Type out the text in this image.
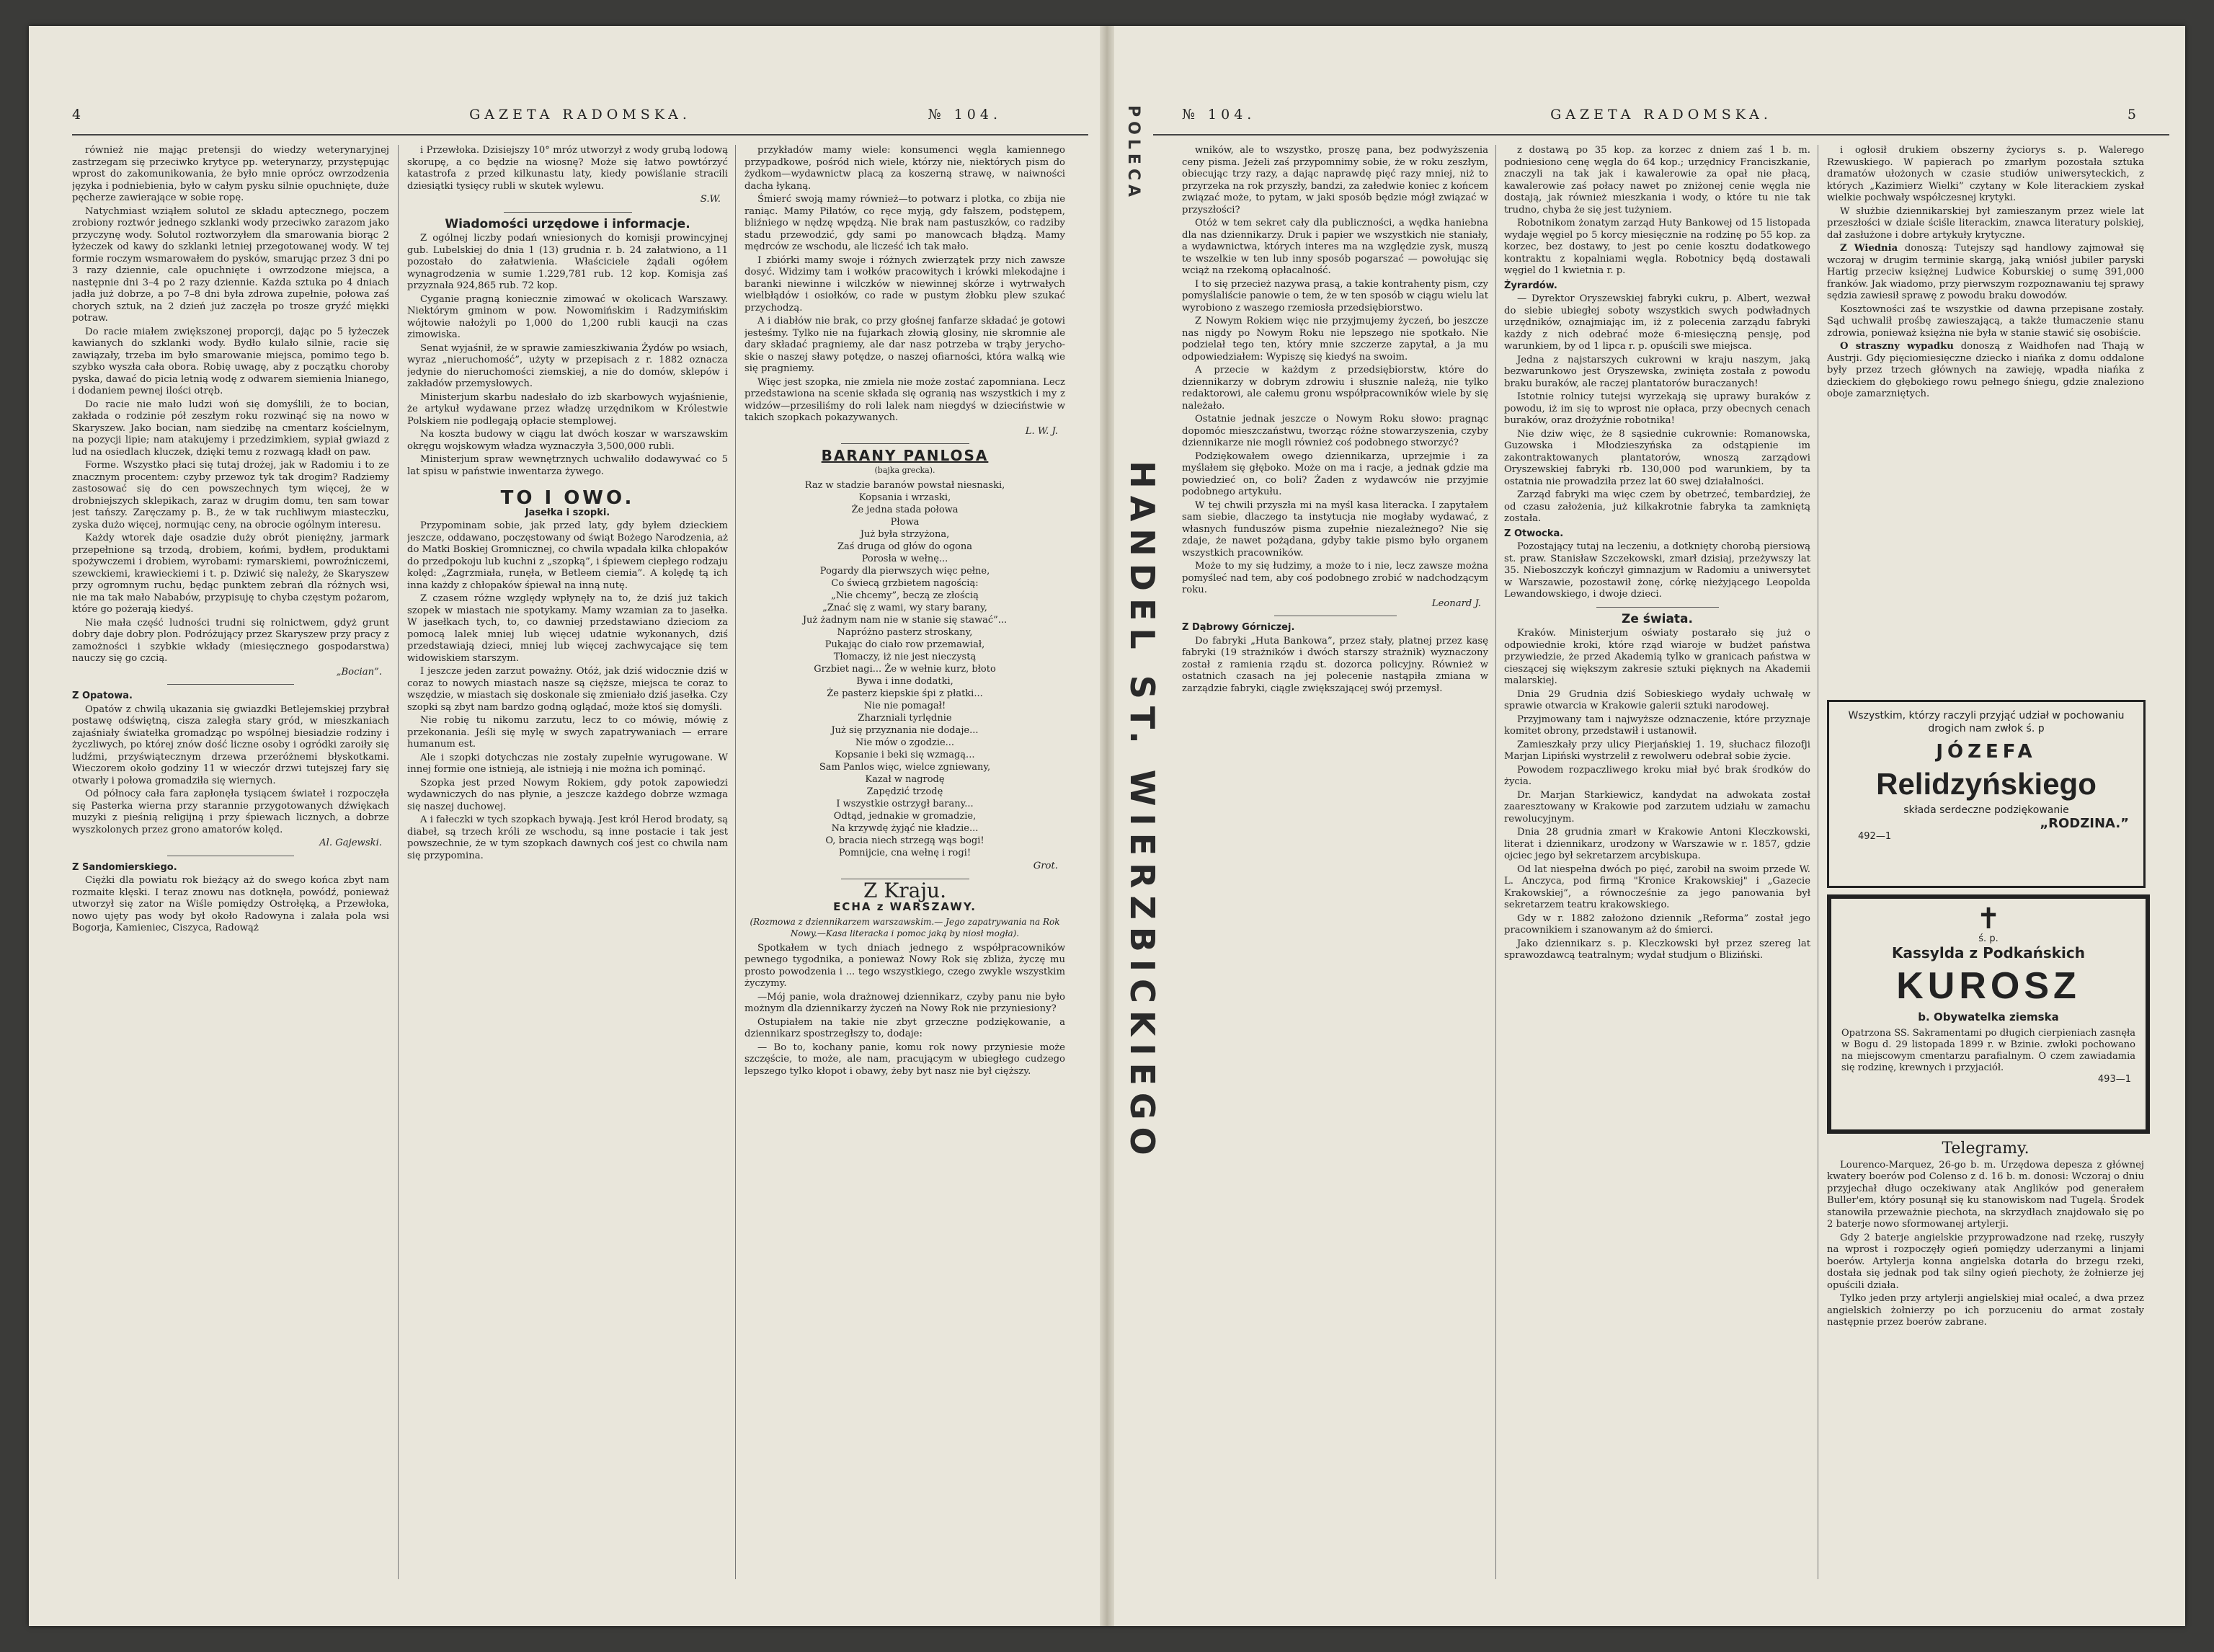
4	GAZETA RADOMSKA.	№ 104.

również nie mając pretensji do wiedzy weterynaryjnej zastrzegam się przeciwko krytyce pp. weterynarzy, przystępując wprost do zakomunikowania, że było mnie oprócz owrzodzenia języka i podniebienia, było w całym pysku silnie opuchnięte, duże pęcherze zawierające w sobie ropę.

Natychmiast wziąłem solutol ze składu aptecznego, poczem zrobiony roztwór jednego szklanki wody przeciwko zarazom jako przyczynę wody. Solutol roztworzyłem dla smarowania biorąc 2 łyżeczek od kawy do szklanki letniej przegotowanej wody. W tej formie roczym wsmarowałem do pysków, smarując przez 3 dni po 3 razy dziennie, cale opuchnięte i owrzodzone miejsca, a następnie dni 3–4 po 2 razy dziennie. Każda sztuka po 4 dniach jadła już dobrze, a po 7–8 dni była zdrowa zupełnie, połowa zaś chorych sztuk, na 2 dzień już zaczęła po trosze gryźć miękki potraw.

Do racie miałem zwiększonej proporcji, dając po 5 łyżeczek kawianych do szklanki wody. Bydło kulało silnie, racie się zawiązały, trzeba im było smarowanie miejsca, pomimo tego b. szybko wyszła cała obora. Robię uwagę, aby z początku choroby pyska, dawać do picia letnią wodę z odwarem siemienia lnianego, i dodaniem pewnej ilości otręb.

Do racie nie mało ludzi woń się domyślili, że to bocian, zakłada o rodzinie pół zeszłym roku rozwinąć się na nowo w Skaryszew. Jako bocian, nam siedzibę na cmentarz kościelnym, na pozycji lipie; nam atakujemy i przedzimkiem, sypiał gwiazd z lud na osiedlach kluczek, dzięki temu z rozwagą kładł on paw.

Forme. Wszystko płaci się tutaj drożej, jak w Radomiu i to ze znacznym procentem: czyby przewoz tyk tak drogim? Radziemy zastosować się do cen powszechnych tym więcej, że w drobniejszych sklepikach, zaraz w drugim domu, ten sam towar jest tańszy. Zaręczamy p. B., że w tak ruchliwym miasteczku, zyska dużo więcej, normując ceny, na obrocie ogólnym interesu.

Każdy wtorek daje osadzie duży obrót pieniężny, jarmark przepełnione są trzodą, drobiem, końmi, bydłem, produktami spożywczemi i drobiem, wyrobami: rymarskiemi, powroźniczemi, szewckiemi, krawieckiemi i t. p. Dziwić się należy, że Skaryszew przy ogromnym ruchu, będąc punktem zebrań dla różnych wsi, nie ma tak mało Nababów, przypisuję to chyba częstym pożarom, które go pożerają kiedyś.

Nie mała część ludności trudni się rolnictwem, gdyż grunt dobry daje dobry plon. Podróżujący przez Skaryszew przy pracy z zamożności i szybkie wkłady (miesięcznego gospodarstwa) nauczy się go czcią.

„Bocian”.
Z Opatowa.

Opatów z chwilą ukazania się gwiazdki Betlejemskiej przybrał postawę odświętną, cisza zaległa stary gród, w mieszkaniach zajaśniały światełka gromadząc po wspólnej biesiadzie rodziny i życzliwych, po której znów dość liczne osoby i ogródki zaroiły się ludźmi, przyświątecznym drzewa przeróżnemi błyskotkami. Wieczorem około godziny 11 w wieczór drzwi tutejszej fary się otwarły i połowa gromadziła się wiernych.

Od północy cała fara zapłonęła tysiącem świateł i rozpoczęła się Pasterka wierna przy starannie przygotowanych dźwiękach muzyki z pieśnią religijną i przy śpiewach licznych, a dobrze wyszkolonych przez grono amatorów kolęd.

Al. Gajewski.
Z Sandomierskiego.

Ciężki dla powiatu rok bieżący aż do swego końca zbyt nam rozmaite klęski. I teraz znowu nas dotknęła, powódź, ponieważ utworzył się zator na Wiśle pomiędzy Ostrołęką, a Przewłoka, nowo ujęty pas wody był około Radowyna i zalała pola wsi Bogorja, Kamieniec, Ciszyca, Radowąż

i Przewłoka. Dzisiejszy 10° mróz utworzył z wody grubą lodową skorupę, a co będzie na wiosnę? Może się łatwo powtórzyć katastrofa z przed kilkunastu laty, kiedy powiślanie stracili dziesiątki tysięcy rubli w skutek wylewu.

S.W.
Wiadomości urzędowe i informacje.

Z ogólnej liczby podań wniesionych do komisji prowincyjnej gub. Lubelskiej do dnia 1 (13) grudnia r. b. 24 załatwiono, a 11 pozostało do załatwienia. Właściciele żądali ogółem wynagrodzenia w sumie 1.229,781 rub. 12 kop. Komisja zaś przyznała 924,865 rub. 72 kop.

Cyganie pragną koniecznie zimować w okolicach Warszawy. Niektórym gminom w pow. Nowomińskim i Radzymińskim wójtowie nałożyli po 1,000 do 1,200 rubli kaucji na czas zimowiska.

Senat wyjaśnił, że w sprawie zamieszkiwania Żydów po wsiach, wyraz „nieruchomość”, użyty w przepisach z r. 1882 oznacza jedynie do nieruchomości ziemskiej, a nie do domów, sklepów i zakładów przemysłowych.

Ministerjum skarbu nadesłało do izb skarbowych wyjaśnienie, że artykuł wydawane przez władzę urzędnikom w Królestwie Polskiem nie podlegają opłacie stemplowej.

Na koszta budowy w ciągu lat dwóch koszar w warszawskim okręgu wojskowym władza wyznaczyła 3,500,000 rubli.

Ministerjum spraw wewnętrznych uchwaliło dodawywać co 5 lat spisu w państwie inwentarza żywego.

TO I OWO.
Jasełka i szopki.

Przypominam sobie, jak przed laty, gdy byłem dzieckiem jeszcze, oddawano, poczęstowany od świąt Bożego Narodzenia, aż do Matki Boskiej Gromnicznej, co chwila wpadała kilka chłopaków do przedpokoju lub kuchni z „szopką”, i śpiewem ciepłego rodzaju kolęd: „Zagrzmiała, runęła, w Betleem ciemia”. A kolędę tą ich inna każdy z chłopaków śpiewał na inną nutę.

Z czasem różne względy wpłynęły na to, że dziś już takich szopek w miastach nie spotykamy. Mamy wzamian za to jasełka. W jasełkach tych, to, co dawniej przedstawiano dzieciom za pomocą lalek mniej lub więcej udatnie wykonanych, dziś przedstawiają dzieci, mniej lub więcej zachwycające się tem widowiskiem starszym.

I jeszcze jeden zarzut poważny. Otóż, jak dziś widocznie dziś w coraz to nowych miastach nasze są cięższe, miejsca te coraz to wszędzie, w miastach się doskonale się zmieniało dziś jasełka. Czy szopki są zbyt nam bardzo godną oglądać, może ktoś się domyśli.

Nie robię tu nikomu zarzutu, lecz to co mówię, mówię z przekonania. Jeśli się mylę w swych zapatrywaniach — errare humanum est.

Ale i szopki dotychczas nie zostały zupełnie wyrugowane. W innej formie one istnieją, ale istnieją i nie można ich pominąć.

Szopka jest przed Nowym Rokiem, gdy potok zapowiedzi wydawniczych do nas płynie, a jeszcze każdego dobrze wzmaga się naszej duchowej.

A i fałeczki w tych szopkach bywają. Jest król Herod brodaty, są diabeł, są trzech króli ze wschodu, są inne postacie i tak jest powszechnie, że w tym szopkach dawnych coś jest co chwila nam się przypomina.

przykładów mamy wiele: konsumenci węgla kamiennego przypadkowe, pośród nich wiele, którzy nie, niektórych pism do żydkom—wydawnictw placą za koszerną strawę, w naiwności dacha łykaną.

Śmierć swoją mamy również—to potwarz i plotka, co zbija nie raniąc. Mamy Piłatów, co ręce myją, gdy fałszem, podstępem, bliźniego w nędzę wpędzą. Nie brak nam pastuszków, co radziby stadu przewodzić, gdy sami po manowcach błądzą. Mamy mędrców ze wschodu, ale licześć ich tak mało.

I zbiórki mamy swoje i różnych zwierzątek przy nich zawsze dosyć. Widzimy tam i wołków pracowitych i krówki mlekodajne i baranki niewinne i wilczków w niewinnej skórze i wytrwałych wielbłądów i osiołków, co rade w pustym żłobku plew szukać przychodzą.

A i diabłów nie brak, co przy głośnej fanfarze składać je gotowi jesteśmy. Tylko nie na fujarkach złowią glosiny, nie skromnie ale dary składać pragniemy, ale dar nasz potrzeba w trąby jerycho-skie o naszej sławy potędze, o naszej ofiarności, która walką wie się pragniemy.

Więc jest szopka, nie zmiela nie może zostać zapomniana. Lecz przedstawiona na scenie składa się ogranią nas wszystkich i my z widzów—przesiliśmy do roli lalek nam niegdyś w dzieciństwie w takich szopkach pokazywanych.

L. W. J.
BARANY PANLOSA
(bajka grecka).

Raz w stadzie baranów powstał niesnaski,

Kopsania i wrzaski,

Że jedna stada połowa

Płowa

Już była strzyżona,

Zaś druga od głów do ogona

Porosła w wełnę...

Pogardy dla pierwszych więc pełne,

Co świecą grzbietem nagością:

„Nie chcemy”, beczą ze złością

„Znać się z wami, wy stary barany,

Już żadnym nam nie w stanie się stawać”...

Napróżno pasterz stroskany,

Pukając do ciało row przemawiał,

Tłomaczy, iż nie jest nieczystą

Grzbiet nagi... Że w wełnie kurz, błoto

Bywa i inne dodatki,

Że pasterz kiepskie śpi z płatki...

Nie nie pomagał!

Zharzniali tyrlędnie

Już się przyznania nie dodaje...

Nie mów o zgodzie...

Kopsanie i beki się wzmagą...

Sam Panlos więc, wielce zgniewany,

Kazał w nagrodę

Zapędzić trzodę

I wszystkie ostrzygł barany...

Odtąd, jednakie w gromadzie,

Na krzywdę żyjąć nie kładzie...

O, bracia niech strzegą wąs bogi!

Pomnijcie, cna wełnę i rogi!

Grot.
Z Kraju.
ECHA z WARSZAWY.
(Rozmowa z dziennikarzem warszawskim.— Jego zapatrywania na Rok Nowy.—Kasa literacka i pomoc jaką by niosł mogła).

Spotkałem w tych dniach jednego z współpracowników pewnego tygodnika, a ponieważ Nowy Rok się zbliża, życzę mu prosto powodzenia i ... tego wszystkiego, czego zwykle wszystkim życzymy.

—Mój panie, wola drażnowej dziennikarz, czyby panu nie było możnym dla dziennikarzy życzeń na Nowy Rok nie przyniesiony?

Ostupiałem na takie nie zbyt grzeczne podziękowanie, a dziennikarz spostrzegłszy to, dodaje:

— Bo to, kochany panie, komu rok nowy przyniesie może szczęście, to może, ale nam, pracującym w ubiegłego cudzego lepszego tylko kłopot i obawy, żeby byt nasz nie był cięższy.

№ 104.	GAZETA RADOMSKA.	5

wników, ale to wszystko, proszę pana, bez podwyższenia ceny pisma. Jeżeli zaś przypomnimy sobie, że w roku zeszłym, obiecując trzy razy, a dając naprawdę pięć razy mniej, niż to przyrzeka na rok przyszły, bandzi, za załedwie koniec z końcem związać może, to pytam, w jaki sposób będzie mógł związać w przyszłości?

Otóż w tem sekret cały dla publiczności, a wędka haniebna dla nas dziennikarzy. Druk i papier we wszystkich nie staniały, a wydawnictwa, których interes ma na względzie zysk, muszą te wszelkie w ten lub inny sposób pogarszać — powołując się wciąż na rzekomą opłacalność.

I to się przecież nazywa prasą, a takie kontrahenty pism, czy pomyślaliście panowie o tem, że w ten sposób w ciągu wielu lat wyrobiono z waszego rzemiosła przedsiębiorstwo.

Z Nowym Rokiem więc nie przyjmujemy życzeń, bo jeszcze nas nigdy po Nowym Roku nie lepszego nie spotkało. Nie podzielał tego ten, który mnie szczerze zapytał, a ja mu odpowiedziałem: Wypiszę się kiedyś na swoim.

A przecie w każdym z przedsiębiorstw, które do dziennikarzy w dobrym zdrowiu i słusznie należą, nie tylko redaktorowi, ale całemu gronu współpracowników wiele by się należało.

Ostatnie jednak jeszcze o Nowym Roku słowo: pragnąc dopomóc mieszczaństwu, tworząc różne stowarzyszenia, czyby dziennikarze nie mogli również coś podobnego stworzyć?

Podziękowałem owego dziennikarza, uprzejmie i za myślałem się głęboko. Może on ma i racje, a jednak gdzie ma powiedzieć on, co boli? Żaden z wydawców nie przyjmie podobnego artykułu.

W tej chwili przyszła mi na myśl kasa literacka. I zapytałem sam siebie, dlaczego ta instytucja nie mogłaby wydawać, z własnych funduszów pisma zupełnie niezależnego? Nie się zdaje, że nawet pożądana, gdyby takie pismo było organem wszystkich pracowników.

Może to my się łudzimy, a może to i nie, lecz zawsze można pomyśleć nad tem, aby coś podobnego zrobić w nadchodzącym roku.

Leonard J.
Z Dąbrowy Górniczej.

Do fabryki „Huta Bankowa”, przez stały, platnej przez kasę fabryki (19 strażników i dwóch starszy strażnik) wyznaczony został z ramienia rządu st. dozorca policyjny. Również w ostatnich czasach na jej polecenie nastąpiła zmiana w zarządzie fabryki, ciągle zwiększającej swój przemysł.

z dostawą po 35 kop. za korzec z dniem zaś 1 b. m. podniesiono cenę węgla do 64 kop.; urzędnicy Franciszkanie, znaczyli na tak jak i kawalerowie za opał nie płacą, kawalerowie zaś połacy nawet po zniżonej cenie węgla nie dostają, jak również mieszkania i wody, o które tu nie tak trudno, chyba że się jest tużyniem.

Robotnikom żonatym zarząd Huty Bankowej od 15 listopada wydaje węgiel po 5 korcy miesięcznie na rodzinę po 55 kop. za korzec, bez dostawy, to jest po cenie kosztu dodatkowego kontraktu z kopalniami węgla. Robotnicy będą dostawali węgiel do 1 kwietnia r. p.

Żyrardów.

— Dyrektor Oryszewskiej fabryki cukru, p. Albert, wezwał do siebie ubiegłej soboty wszystkich swych podwładnych urzędników, oznajmiając im, iż z polecenia zarządu fabryki każdy z nich odebrać może 6-miesięczną pensję, pod warunkiem, by od 1 lipca r. p. opuścili swe miejsca.

Jedna z najstarszych cukrowni w kraju naszym, jaką bezwarunkowo jest Oryszewska, zwinięta została z powodu braku buraków, ale raczej plantatorów buraczanych!

Istotnie rolnicy tutejsi wyrzekają się uprawy buraków z powodu, iż im się to wprost nie opłaca, przy obecnych cenach buraków, oraz drożyźnie robotnika!

Nie dziw więc, że 8 sąsiednie cukrownie: Romanowska, Guzowska i Młodzieszyńska za odstąpienie im zakontraktowanych plantatorów, wnoszą zarządowi Oryszewskiej fabryki rb. 130,000 pod warunkiem, by ta ostatnia nie prowadziła przez lat 60 swej działalności.

Zarząd fabryki ma więc czem by obetrzeć, tembardziej, że od czasu założenia, już kilkakrotnie fabryka ta zamkniętą została.

Z Otwocka.

Pozostający tutaj na leczeniu, a dotknięty chorobą piersiową st. praw. Stanisław Szczekowski, zmarł dzisiaj, przeżywszy lat 35. Nieboszczyk kończył gimnazjum w Radomiu a uniwersytet w Warszawie, pozostawił żonę, córkę nieżyjącego Leopolda Lewandowskiego, i dwoje dzieci.

Ze świata.

Kraków. Ministerjum oświaty postarało się już o odpowiednie kroki, które rząd wiaroje w budżet państwa przywiedzie, że przed Akademią tylko w granicach państwa w cieszącej się większym zakresie sztuki pięknych na Akademii malarskiej.

Dnia 29 Grudnia dziś Sobieskiego wydały uchwałę w sprawie otwarcia w Krakowie galerii sztuki narodowej.

Przyjmowany tam i najwyższe odznaczenie, które przyznaje komitet obrony, przedstawił i ustanowił.

Zamieszkały przy ulicy Pierjańskiej 1. 19, słuchacz filozofji Marjan Lipiński wystrzelił z rewolweru odebrał sobie życie.

Powodem rozpaczliwego kroku miał być brak środków do życia.

Dr. Marjan Starkiewicz, kandydat na adwokata został zaaresztowany w Krakowie pod zarzutem udziału w zamachu rewolucyjnym.

Dnia 28 grudnia zmarł w Krakowie Antoni Kleczkowski, literat i dziennikarz, urodzony w Warszawie w r. 1857, gdzie ojciec jego był sekretarzem arcybiskupa.

Od lat niespełna dwóch po pięć, zarobił na swoim przede W. L. Anczyca, pod firmą "Kronice Krakowskiej" i „Gazecie Krakowskiej”, a równocześnie za jego panowania był sekretarzem teatru krakowskiego.

Gdy w r. 1882 założono dziennik „Reforma” został jego pracownikiem i szanowanym aż do śmierci.

Jako dziennikarz s. p. Kleczkowski był przez szereg lat sprawozdawcą teatralnym; wydał studjum o Bliziński.

i ogłosił drukiem obszerny życiorys s. p. Walerego Rzewuskiego. W papierach po zmarłym pozostała sztuka dramatów ułożonych w czasie studiów uniwersyteckich, z których „Kazimierz Wielki” czytany w Kole literackiem zyskał wielkie pochwały współczesnej krytyki.

W służbie dziennikarskiej był zamieszanym przez wiele lat przeszłości w dziale ściśle literackim, znawca literatury polskiej, dał zasłużone i dobre artykuły krytyczne.

Z Wiednia donoszą: Tutejszy sąd handlowy zajmował się wczoraj w drugim terminie skargą, jaką wniósł jubiler paryski Hartig przeciw księżnej Ludwice Koburskiej o sumę 391,000 franków. Jak wiadomo, przy pierwszym rozpoznawaniu tej sprawy sędzia zawiesił sprawę z powodu braku dowodów.

Kosztowności zaś te wszystkie od dawna przepisane zostały. Sąd uchwalił prośbę zawieszającą, a także tłumaczenie stanu zdrowia, ponieważ księżna nie była w stanie stawić się osobiście.

O straszny wypadku donoszą z Waidhofen nad Thają w Austrji. Gdy pięciomiesięczne dziecko i niańka z domu oddalone były przez trzech głównych na zawieję, wpadła niańka z dzieckiem do głębokiego rowu pełnego śniegu, gdzie znaleziono oboje zamarzniętych.

Wszystkim, którzy raczyli przyjąć udział w pochowaniu drogich nam zwłok ś. p
JÓZEFA
Relidzyńskiego
składa serdeczne podziękowanie
„RODZINA.”
492—1
✝
ś. p.
Kassylda z Podkańskich
KUROSZ
b. Obywatelka ziemska
Opatrzona SS. Sakramentami po długich cierpieniach zasnęła w Bogu d. 29 listopada 1899 r. w Bzinie. zwłoki pochowano na miejscowym cmentarzu parafialnym. O czem zawiadamia się rodzinę, krewnych i przyjaciół.
493—1
Telegramy.

Lourenco-Marquez, 26-go b. m. Urzędowa depesza z głównej kwatery boerów pod Colenso z d. 16 b. m. donosi: Wczoraj o dniu przyjechał długo oczekiwany atak Anglików pod generałem Buller'em, który posunął się ku stanowiskom nad Tugelą. Środek stanowiła przeważnie piechota, na skrzydłach znajdowało się po 2 baterje nowo sformowanej artylerji.

Gdy 2 baterje angielskie przyprowadzone nad rzekę, ruszyły na wprost i rozpoczęły ogień pomiędzy uderzanymi a linjami boerów. Artylerja konna angielska dotarła do brzegu rzeki, dostała się jednak pod tak silny ogień piechoty, że żołnierze jej opuścili działa.

Tylko jeden przy artylerji angielskiej miał ocaleć, a dwa przez angielskich żołnierzy po ich porzuceniu do armat zostały następnie przez boerów zabrane.

HANDEL ST. WIERZBICKIEGO
POLECA
